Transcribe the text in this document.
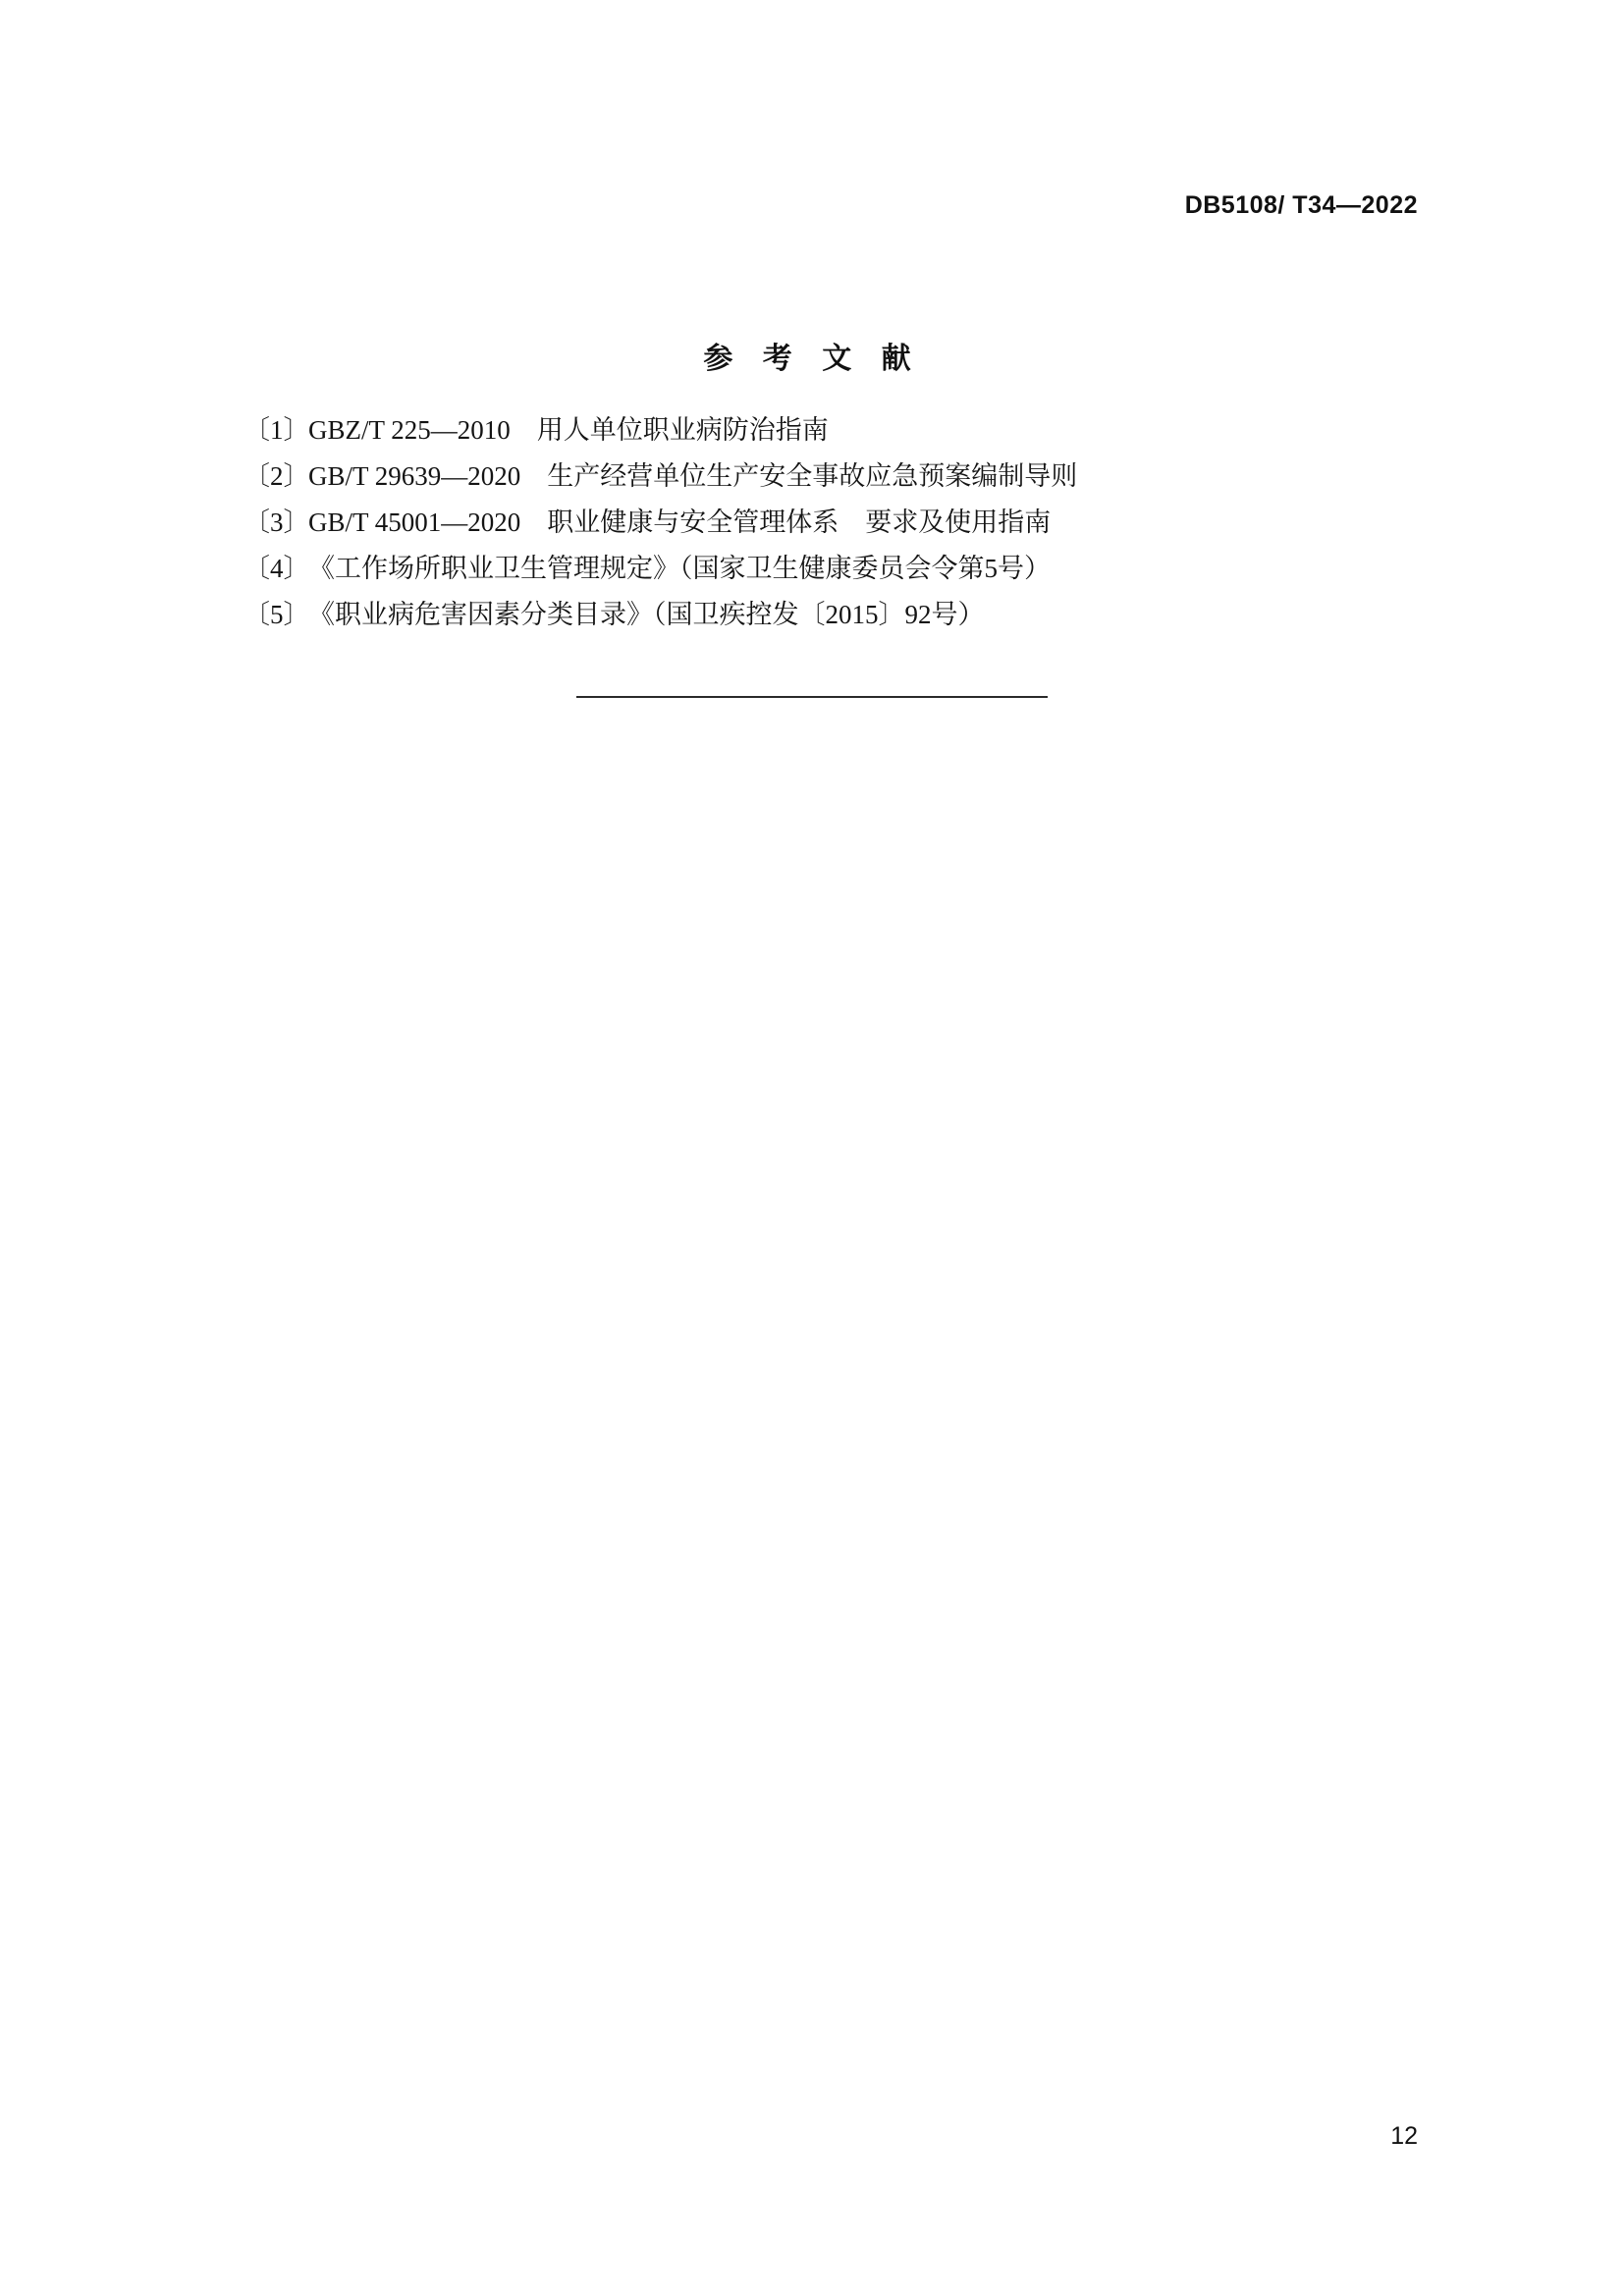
DB5108/ T34—2022
参 考 文 献
〔1〕
GBZ/T 225—2010　用人单位职业病防治指南
〔2〕
GB/T 29639—2020　生产经营单位生产安全事故应急预案编制导则
〔3〕
GB/T 45001—2020　职业健康与安全管理体系　要求及使用指南
〔4〕
《工作场所职业卫生管理规定》（国家卫生健康委员会令第5号）
〔5〕
《职业病危害因素分类目录》（国卫疾控发〔2015〕92号）
12
